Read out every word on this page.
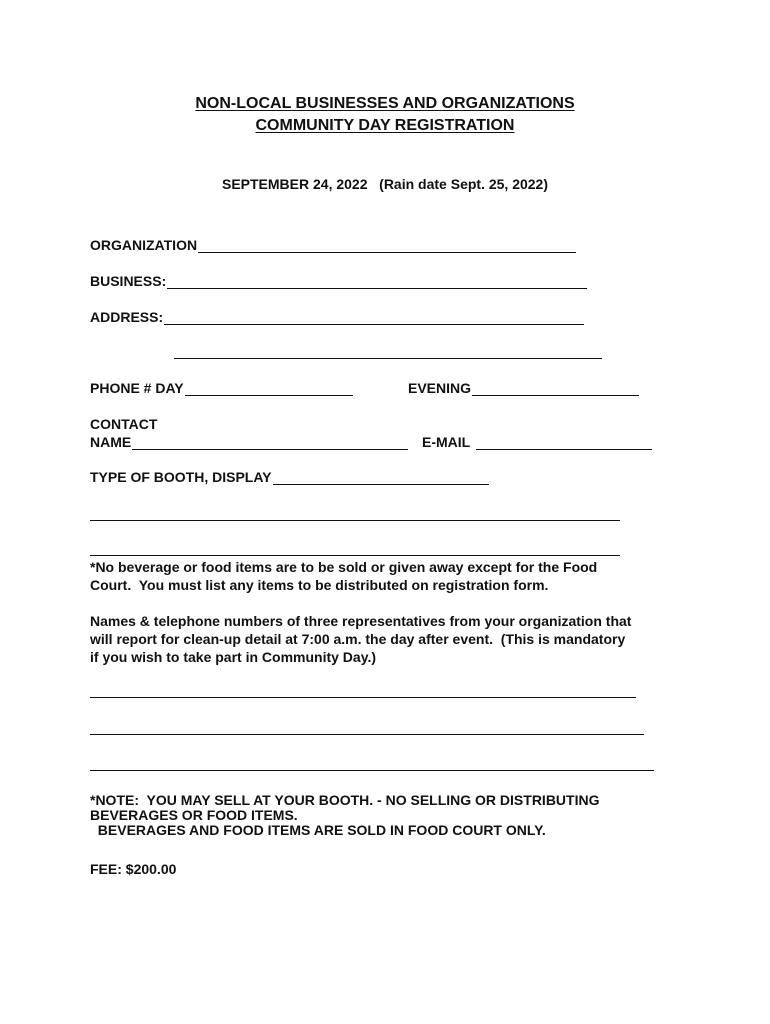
NON-LOCAL BUSINESSES AND ORGANIZATIONS
COMMUNITY DAY REGISTRATION
SEPTEMBER 24, 2022   (Rain date Sept. 25, 2022)
ORGANIZATION
BUSINESS:
ADDRESS:
PHONE # DAY	EVENING
CONTACT
NAME	E-MAIL
TYPE OF BOOTH, DISPLAY
*No beverage or food items are to be sold or given away except for the Food
Court.  You must list any items to be distributed on registration form.
Names & telephone numbers of three representatives from your organization that
will report for clean-up detail at 7:00 a.m. the day after event.  (This is mandatory
if you wish to take part in Community Day.)
*NOTE:  YOU MAY SELL AT YOUR BOOTH. - NO SELLING OR DISTRIBUTING
BEVERAGES OR FOOD ITEMS.
BEVERAGES AND FOOD ITEMS ARE SOLD IN FOOD COURT ONLY.
FEE: $200.00
